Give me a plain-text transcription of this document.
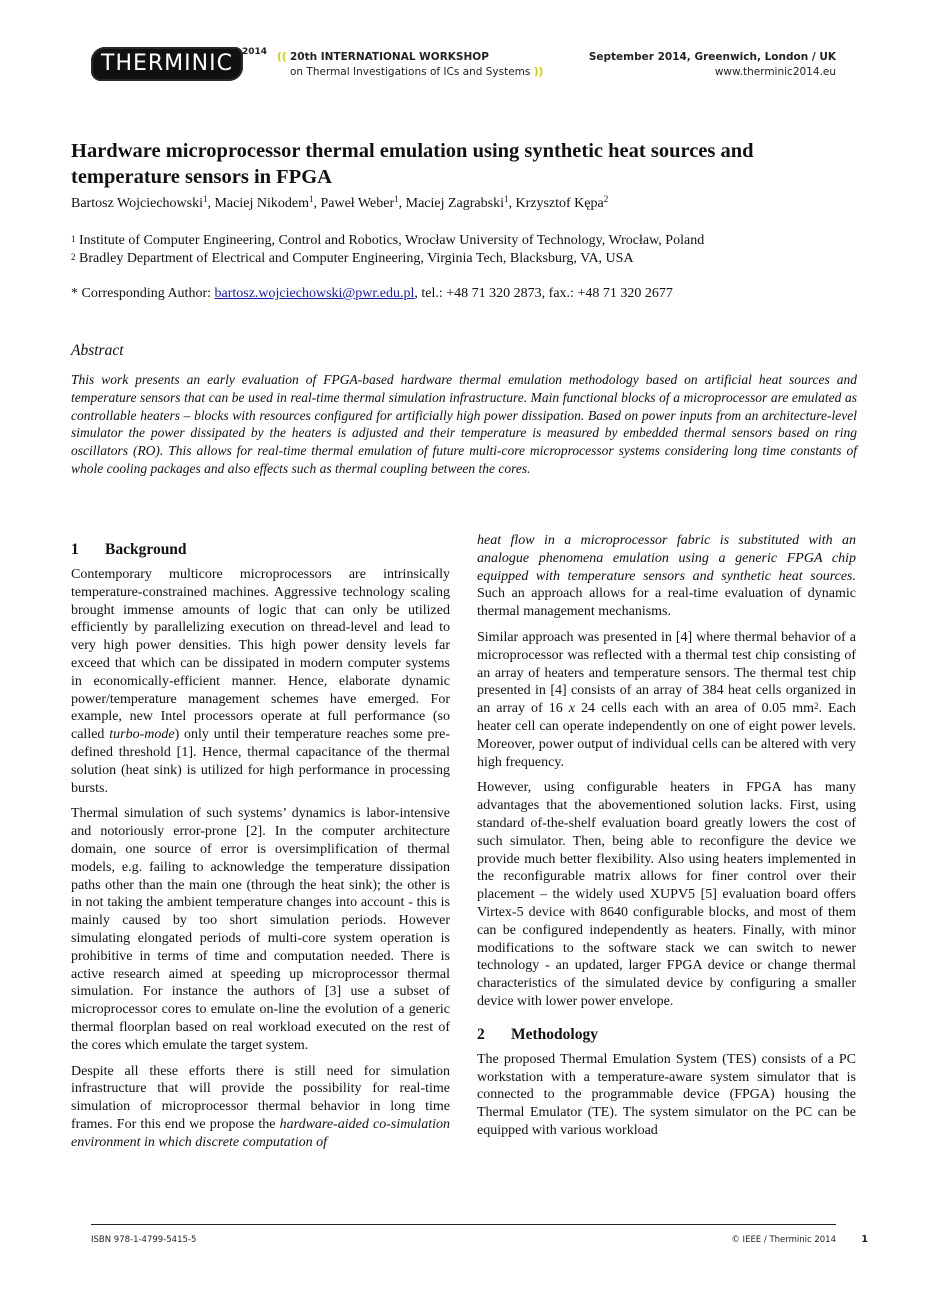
THERMINIC	2014 (( 20th INTERNATIONAL WORKSHOP
on Thermal Investigations of ICs and Systems ))
September 2014, Greenwich, London / UK
www.therminic2014.eu
Hardware microprocessor thermal emulation using synthetic heat sources and temperature sensors in FPGA
Bartosz Wojciechowski$^1$, Maciej Nikodem$^1$, Paweł Weber$^1$, Maciej Zagrabski$^1$, Krzysztof Kępa$^2$
$^1$ Institute of Computer Engineering, Control and Robotics, Wrocław University of Technology, Wrocław, Poland
$^2$ Bradley Department of Electrical and Computer Engineering, Virginia Tech, Blacksburg, VA, USA
* Corresponding Author: bartosz.wojciechowski@pwr.edu.pl, tel.: +48 71 320 2873, fax.: +48 71 320 2677
Abstract
This work presents an early evaluation of FPGA-based hardware thermal emulation methodology based on artificial heat sources and temperature sensors that can be used in real-time thermal simulation infrastructure. Main functional blocks of a microprocessor are emulated as controllable heaters – blocks with resources configured for artificially high power dissipation. Based on power inputs from an architecture-level simulator the power dissipated by the heaters is adjusted and their temperature is measured by embedded thermal sensors based on ring oscillators (RO). This allows for real-time thermal emulation of future multi-core microprocessor systems considering long time constants of whole cooling packages and also effects such as thermal coupling between the cores.
1 Background

Contemporary multicore microprocessors are intrinsically temperature-constrained machines. Aggressive technology scaling brought immense amounts of logic that can only be utilized efficiently by parallelizing execution on thread-level and lead to very high power densities. This high power density levels far exceed that which can be dissipated in modern computer systems in economically-efficient manner. Hence, elaborate dynamic power/temperature management schemes have emerged. For example, new Intel processors operate at full performance (so called turbo-mode) only until their temperature reaches some pre-defined threshold [1]. Hence, thermal capacitance of the thermal solution (heat sink) is utilized for high performance in processing bursts.

Thermal simulation of such systems’ dynamics is labor-intensive and notoriously error-prone [2]. In the computer architecture domain, one source of error is oversimplification of thermal models, e.g. failing to acknowledge the temperature dissipation paths other than the main one (through the heat sink); the other is in not taking the ambient temperature changes into account - this is mainly caused by too short simulation periods. However simulating elongated periods of multi-core system operation is prohibitive in terms of time and computation needed. There is active research aimed at speeding up microprocessor thermal simulation. For instance the authors of [3] use a subset of microprocessor cores to emulate on-line the evolution of a generic thermal floorplan based on real workload executed on the rest of the cores which emulate the target system.

Despite all these efforts there is still need for simulation infrastructure that will provide the possibility for real-time simulation of microprocessor thermal behavior in long time frames. For this end we propose the hardware-aided co-simulation environment in which discrete computation of

heat flow in a microprocessor fabric is substituted with an analogue phenomena emulation using a generic FPGA chip equipped with temperature sensors and synthetic heat sources. Such an approach allows for a real-time evaluation of dynamic thermal management mechanisms.

Similar approach was presented in [4] where thermal behavior of a microprocessor was reflected with a thermal test chip consisting of an array of heaters and temperature sensors. The thermal test chip presented in [4] consists of an array of 384 heat cells organized in an array of 16 x 24 cells each with an area of 0.05 $mm^2$. Each heater cell can operate independently on one of eight power levels. Moreover, power output of individual cells can be altered with very high frequency.

However, using configurable heaters in FPGA has many advantages that the abovementioned solution lacks. First, using standard of-the-shelf evaluation board greatly lowers the cost of such simulator. Then, being able to reconfigure the device we provide much better flexibility. Also using heaters implemented in the reconfigurable matrix allows for finer control over their placement – the widely used XUPV5 [5] evaluation board offers Virtex-5 device with 8640 configurable blocks, and most of them can be configured independently as heaters. Finally, with minor modifications to the software stack we can switch to newer technology - an updated, larger FPGA device or change thermal characteristics of the simulated device by configuring a smaller device with lower power envelope.

2 Methodology

The proposed Thermal Emulation System (TES) consists of a PC workstation with a temperature-aware system simulator that is connected to the programmable device (FPGA) housing the Thermal Emulator (TE). The system simulator on the PC can be equipped with various workload

ISBN 978-1-4799-5415-5	© IEEE / Therminic 2014	1
